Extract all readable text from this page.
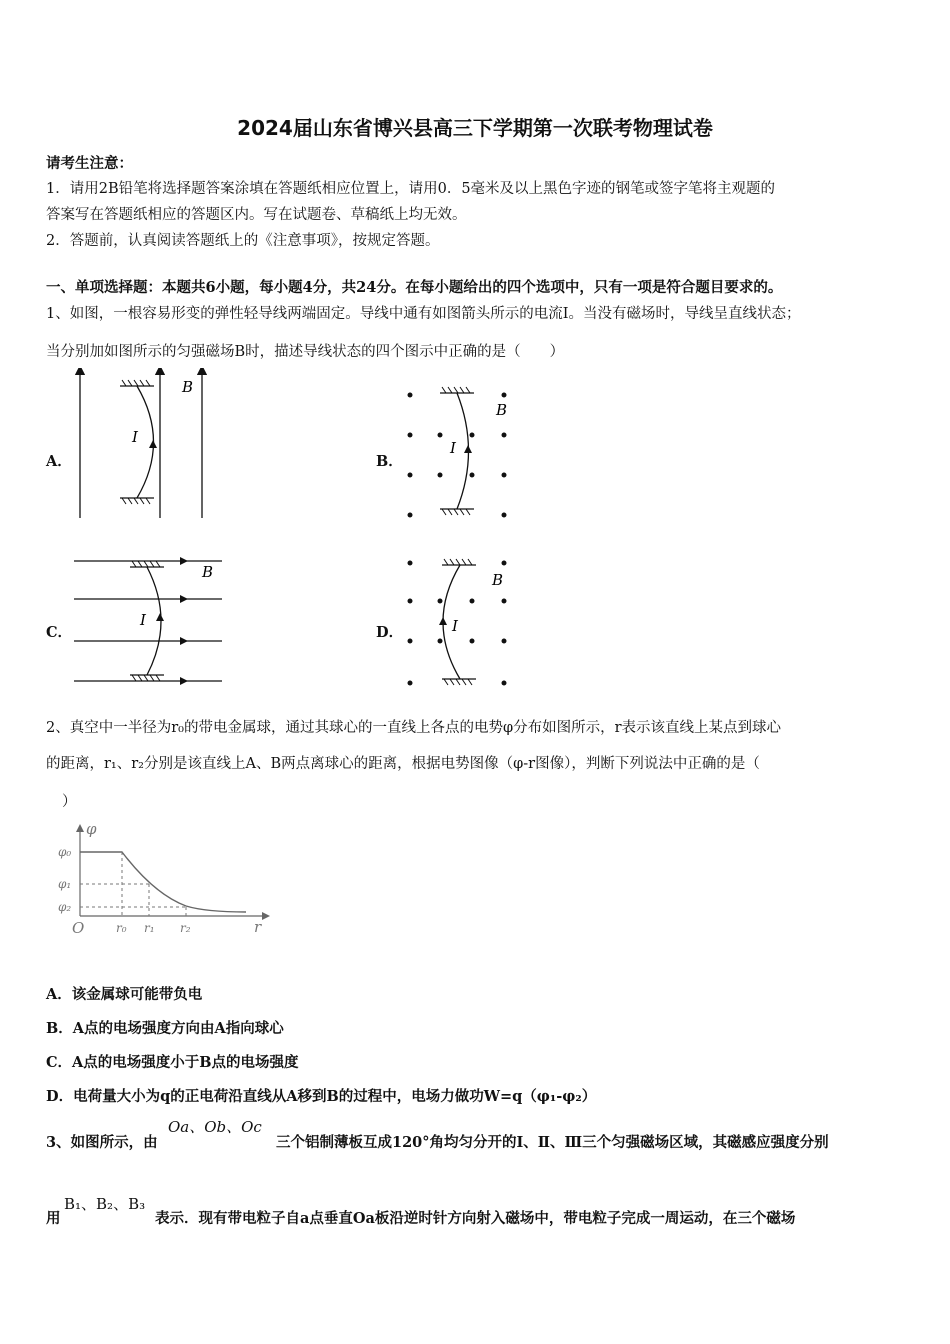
2024届山东省博兴县高三下学期第一次联考物理试卷
请考生注意：
1．请用2B铅笔将选择题答案涂填在答题纸相应位置上，请用0．5毫米及以上黑色字迹的钢笔或签字笔将主观题的
答案写在答题纸相应的答题区内。写在试题卷、草稿纸上均无效。
2．答题前，认真阅读答题纸上的《注意事项》，按规定答题。
一、单项选择题：本题共6小题，每小题4分，共24分。在每小题给出的四个选项中，只有一项是符合题目要求的。
1、如图，一根容易形变的弹性轻导线两端固定。导线中通有如图箭头所示的电流I。当没有磁场时，导线呈直线状态；
当分别加如图所示的匀强磁场B时，描述导线状态的四个图示中正确的是（　　）
A．	B．
C．	D．
B
I
B
I
B
I
B
I
2、真空中一半径为r₀的带电金属球，通过其球心的一直线上各点的电势φ分布如图所示，r表示该直线上某点到球心
的距离，r₁、r₂分别是该直线上A、B两点离球心的距离，根据电势图像（φ-r图像），判断下列说法中正确的是（
）
φ
φ₀
φ₁
φ₂
O	r₀ r₁ r₂	r
A．该金属球可能带负电
B．A点的电场强度方向由A指向球心
C．A点的电场强度小于B点的电场强度
D．电荷量大小为q的正电荷沿直线从A移到B的过程中，电场力做功W=q（φ₁-φ₂）
3、如图所示，由
Oa、Ob、Oc
三个铝制薄板互成120°角均匀分开的Ⅰ、Ⅱ、Ⅲ三个匀强磁场区域，其磁感应强度分别
用
B₁、B₂、B₃
表示．现有带电粒子自a点垂直Oa板沿逆时针方向射入磁场中，带电粒子完成一周运动，在三个磁场
